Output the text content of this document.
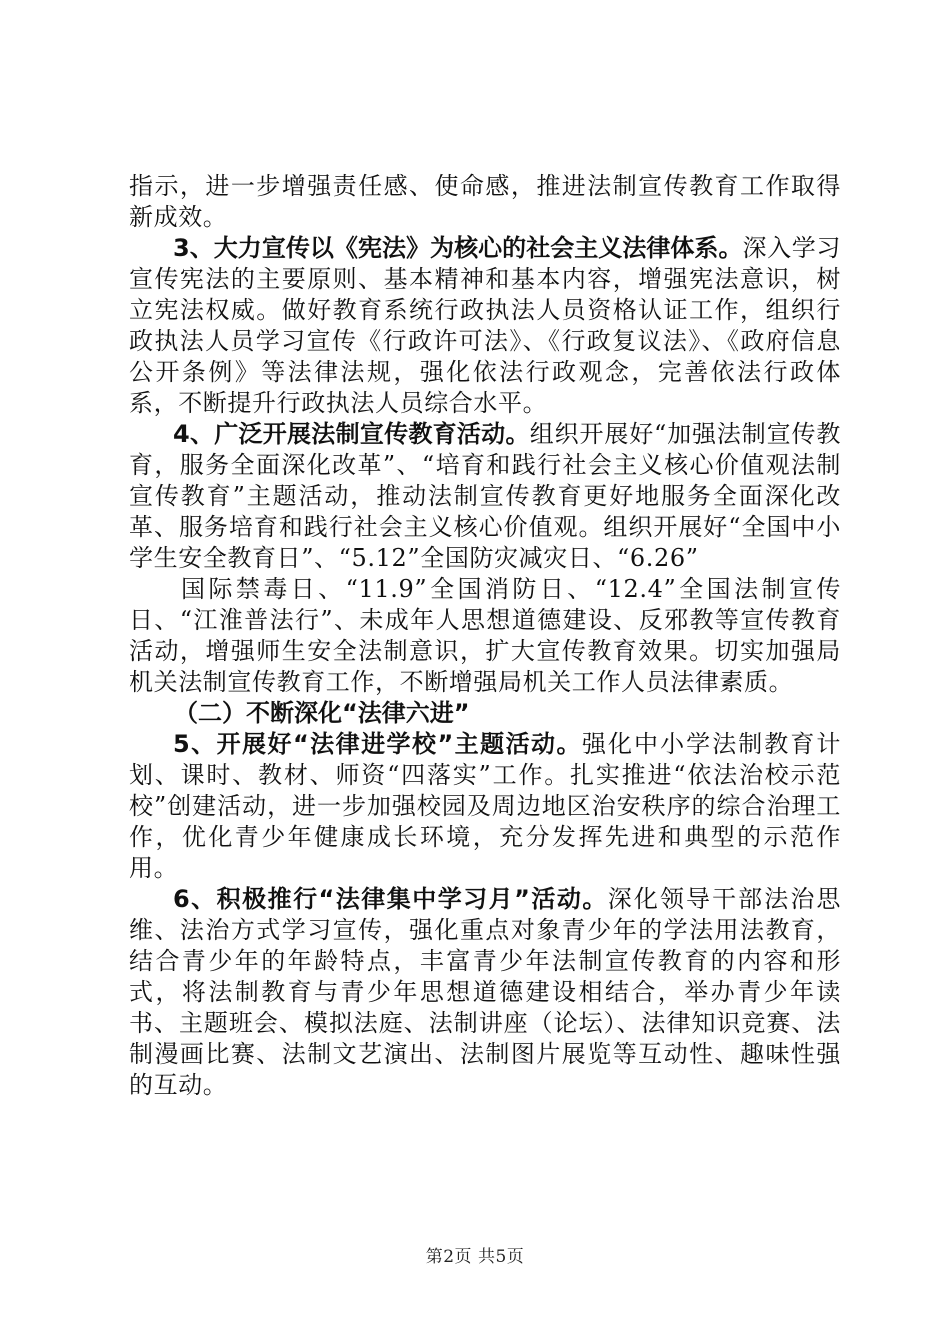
指示，进一步增强责任感、使命感，推进法制宣传教育工作取得新成效。

3、大力宣传以《宪法》为核心的社会主义法律体系。深入学习宣传宪法的主要原则、基本精神和基本内容，增强宪法意识，树立宪法权威。做好教育系统行政执法人员资格认证工作，组织行政执法人员学习宣传《行政许可法》、《行政复议法》、《政府信息公开条例》等法律法规，强化依法行政观念，完善依法行政体系，不断提升行政执法人员综合水平。

4、广泛开展法制宣传教育活动。组织开展好“加强法制宣传教育，服务全面深化改革”、“培育和践行社会主义核心价值观法制宣传教育”主题活动，推动法制宣传教育更好地服务全面深化改革、服务培育和践行社会主义核心价值观。组织开展好“全国中小学生安全教育日”、“5.12”全国防灾减灾日、“6.26”

国际禁毒日、“11.9”全国消防日、“12.4”全国法制宣传日、“江淮普法行”、未成年人思想道德建设、反邪教等宣传教育活动，增强师生安全法制意识，扩大宣传教育效果。切实加强局机关法制宣传教育工作，不断增强局机关工作人员法律素质。

（二）不断深化“法律六进”

5、开展好“法律进学校”主题活动。强化中小学法制教育计划、课时、教材、师资“四落实”工作。扎实推进“依法治校示范校”创建活动，进一步加强校园及周边地区治安秩序的综合治理工作，优化青少年健康成长环境，充分发挥先进和典型的示范作用。

6、积极推行“法律集中学习月”活动。深化领导干部法治思维、法治方式学习宣传，强化重点对象青少年的学法用法教育，结合青少年的年龄特点，丰富青少年法制宣传教育的内容和形式，将法制教育与青少年思想道德建设相结合，举办青少年读书、主题班会、模拟法庭、法制讲座（论坛）、法律知识竞赛、法制漫画比赛、法制文艺演出、法制图片展览等互动性、趣味性强的互动。

第2页 共5页
